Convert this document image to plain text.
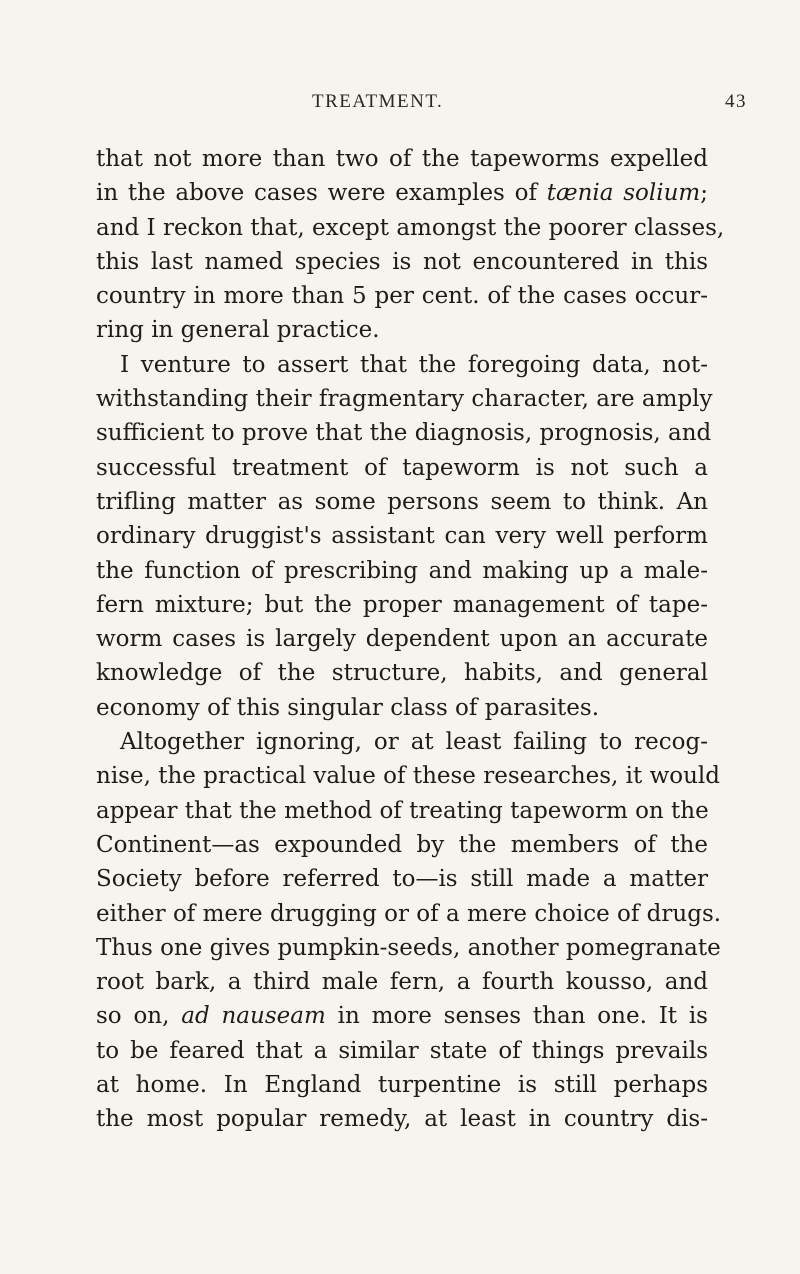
TREATMENT.	43
that not more than two of the tapeworms expelled
in the above cases were examples of tænia solium;
and I reckon that, except amongst the poorer classes,
this last named species is not encountered in this
country in more than 5 per cent. of the cases occur-
ring in general practice.
I venture to assert that the foregoing data, not-
withstanding their fragmentary character, are amply
sufficient to prove that the diagnosis, prognosis, and
successful treatment of tapeworm is not such a
trifling matter as some persons seem to think. An
ordinary druggist's assistant can very well perform
the function of prescribing and making up a male-
fern mixture; but the proper management of tape-
worm cases is largely dependent upon an accurate
knowledge of the structure, habits, and general
economy of this singular class of parasites.
Altogether ignoring, or at least failing to recog-
nise, the practical value of these researches, it would
appear that the method of treating tapeworm on the
Continent—as expounded by the members of the
Society before referred to—is still made a matter
either of mere drugging or of a mere choice of drugs.
Thus one gives pumpkin-seeds, another pomegranate
root bark, a third male fern, a fourth kousso, and
so on, ad nauseam in more senses than one. It is
to be feared that a similar state of things prevails
at home. In England turpentine is still perhaps
the most popular remedy, at least in country dis-
